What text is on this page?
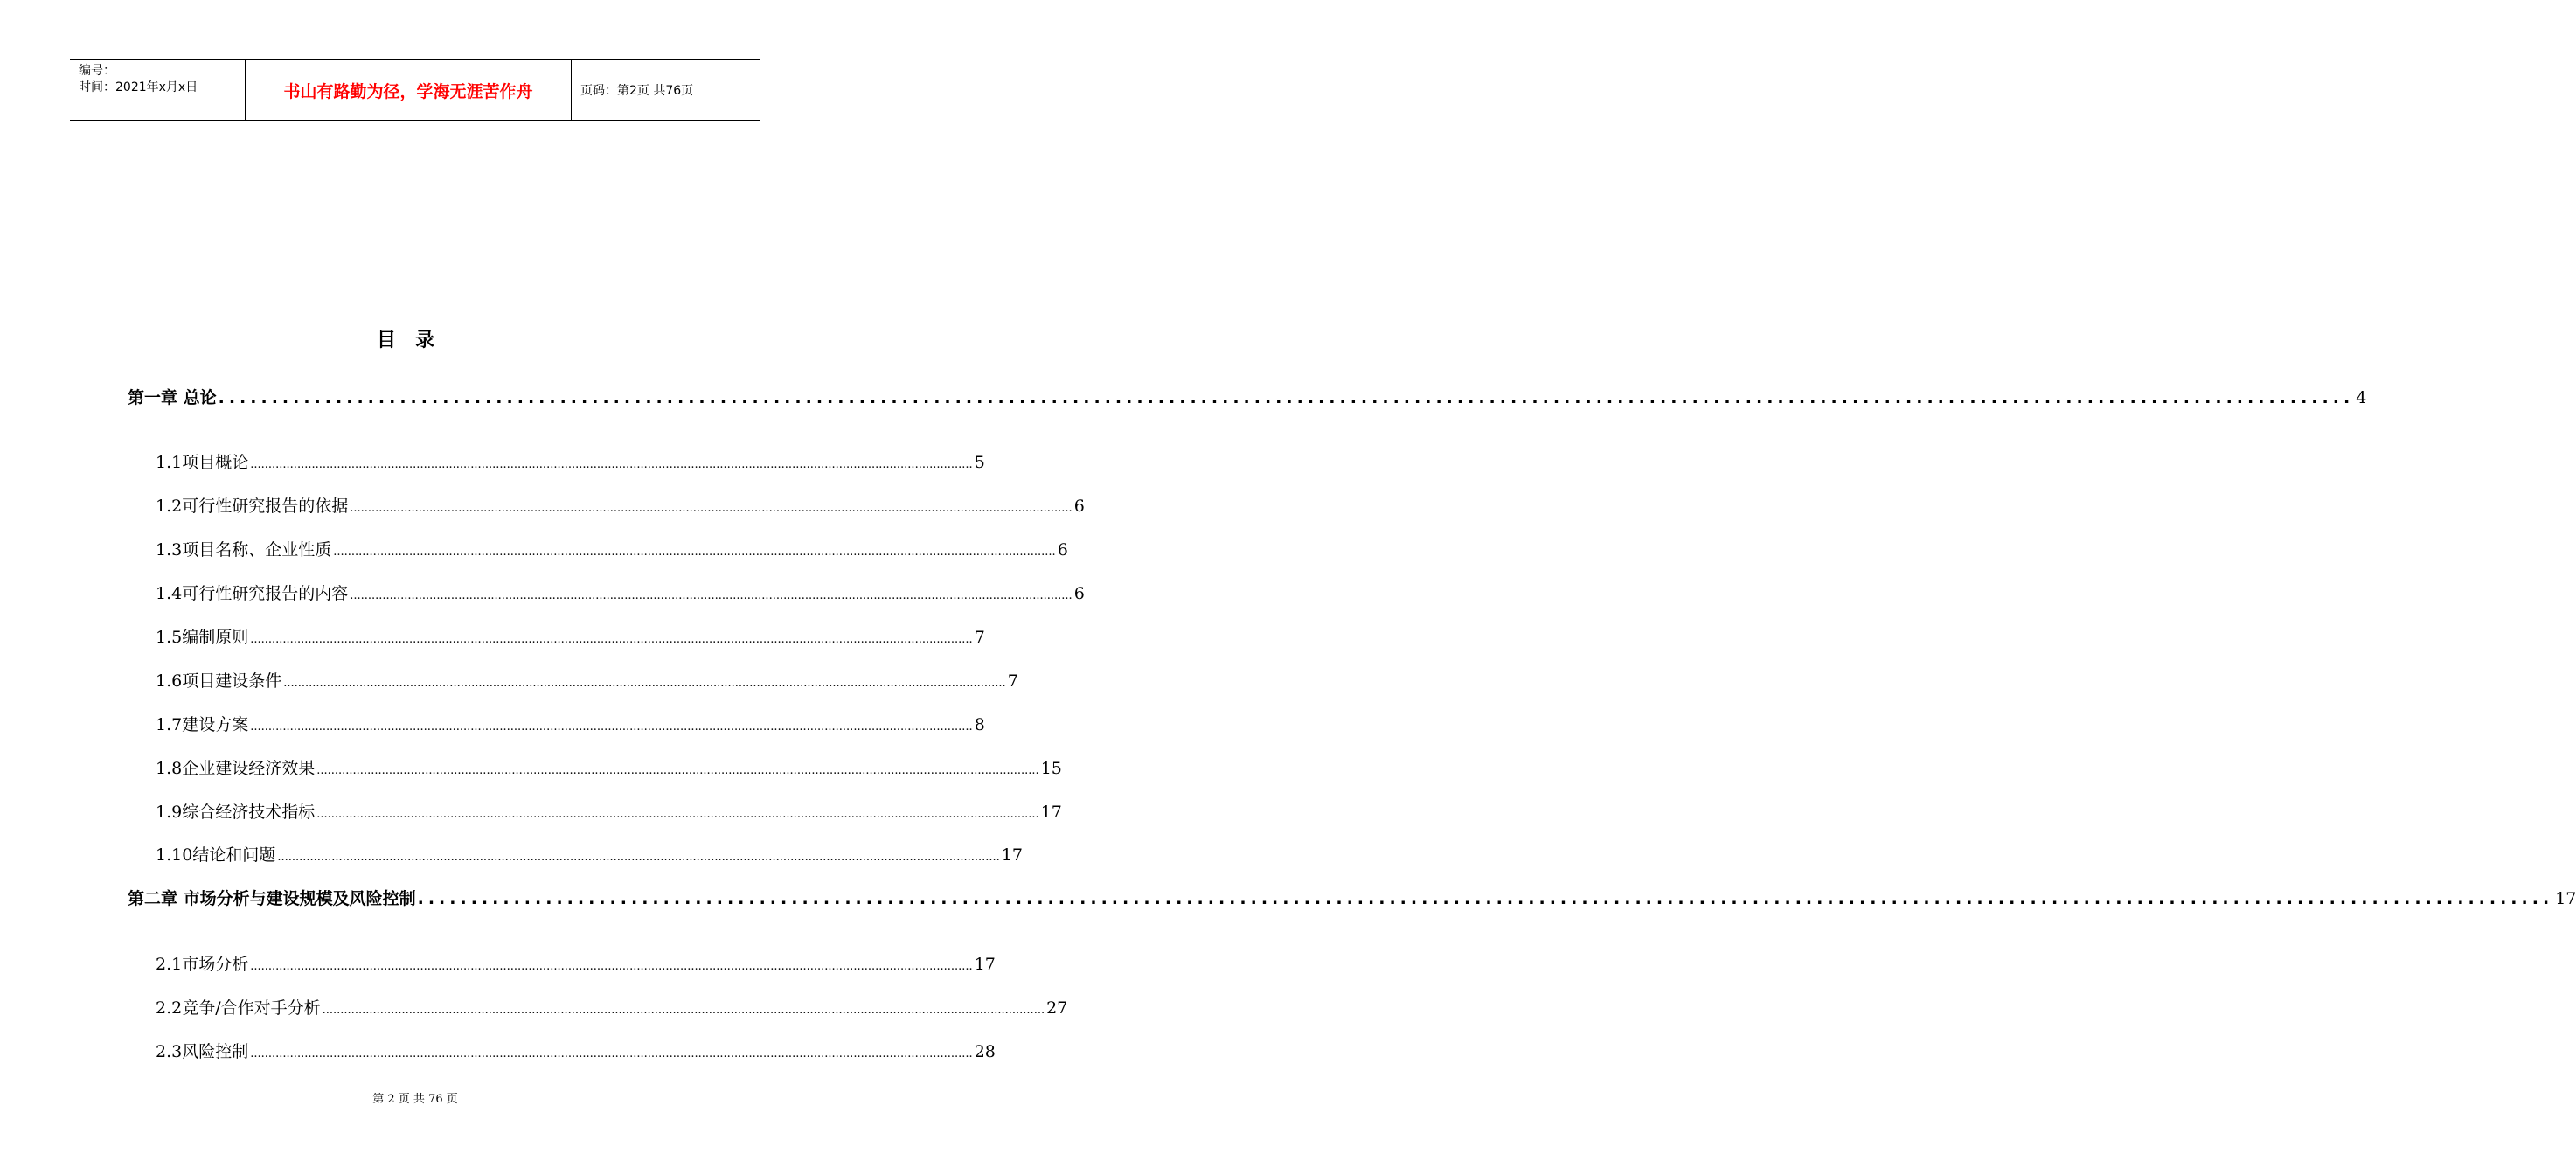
编号：
时间：2021年x月x日	书山有路勤为径，学海无涯苦作舟	页码：第2页 共76页
目录
第一章 总论 ........................................................................................................................................................................................................ 4
1.1项目概论 ........................................................................................................................................................................................................ 5
1.2可行性研究报告的依据 ........................................................................................................................................................................................................ 6
1.3项目名称、企业性质 ........................................................................................................................................................................................................ 6
1.4可行性研究报告的内容 ........................................................................................................................................................................................................ 6
1.5编制原则 ........................................................................................................................................................................................................ 7
1.6项目建设条件 ........................................................................................................................................................................................................ 7
1.7建设方案 ........................................................................................................................................................................................................ 8
1.8企业建设经济效果 ........................................................................................................................................................................................................ 15
1.9综合经济技术指标 ........................................................................................................................................................................................................ 17
1.10结论和问题 ........................................................................................................................................................................................................ 17
第二章 市场分析与建设规模及风险控制 ........................................................................................................................................................................................................ 17
2.1市场分析 ........................................................................................................................................................................................................ 17
2.2竞争/合作对手分析 ........................................................................................................................................................................................................ 27
2.3风险控制 ........................................................................................................................................................................................................ 28
第 2 页 共 76 页
